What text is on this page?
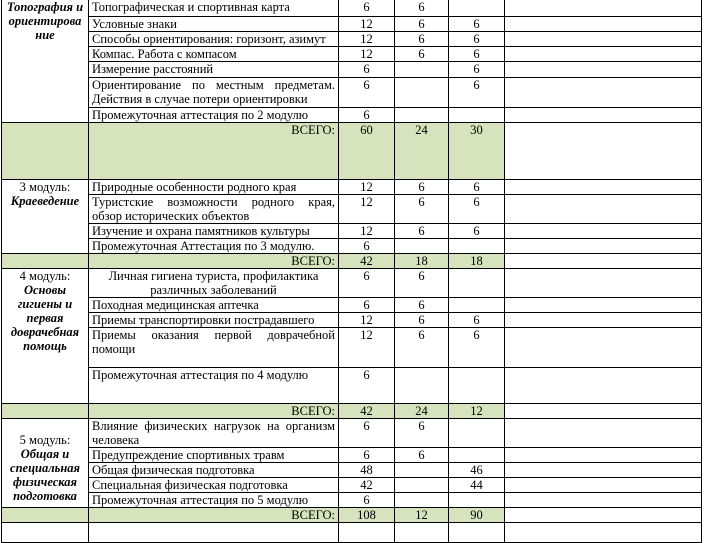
Топография и ориентирова ние	Топографическая и спортивная карта	6	6		
	Условные знаки	12	6	6	
	Способы ориентирования: горизонт, азимут	12	6	6	
	Компас. Работа с компасом	12	6	6	
	Измерение расстояний	6		6	
	Ориентирование по местным предметам. Действия в случае потери ориентировки	6		6	
	Промежуточная аттестация по 2 модулю	6			
	ВСЕГО:	60	24	30	

3 модуль:
Краеведение	Природные особенности родного края	12	6	6	
	Туристские возможности родного края, обзор исторических объектов	12	6	6	
	Изучение и охрана памятников культуры	12	6	6	
	Промежуточная Аттестация по 3 модулю.	6			
	ВСЕГО:	42	18	18	

4 модуль:
Основы гигиены и первая доврачебная помощь	Личная гигиена туриста, профилактика различных заболеваний	6	6		
	Походная медицинская аптечка	6	6		
	Приемы транспортировки пострадавшего	12	6	6	
	Приемы оказания первой доврачебной помощи	12	6	6	
	Промежуточная аттестация по 4 модулю	6			
	ВСЕГО:	42	24	12	

5 модуль:
Общая и специальная физическая подготовка	Влияние физических нагрузок на организм человека	6	6		
	Предупреждение спортивных травм	6	6		
	Общая физическая подготовка	48		46	
	Специальная физическая подготовка	42		44	
	Промежуточная аттестация по 5 модулю	6			
	ВСЕГО:	108	12	90	
